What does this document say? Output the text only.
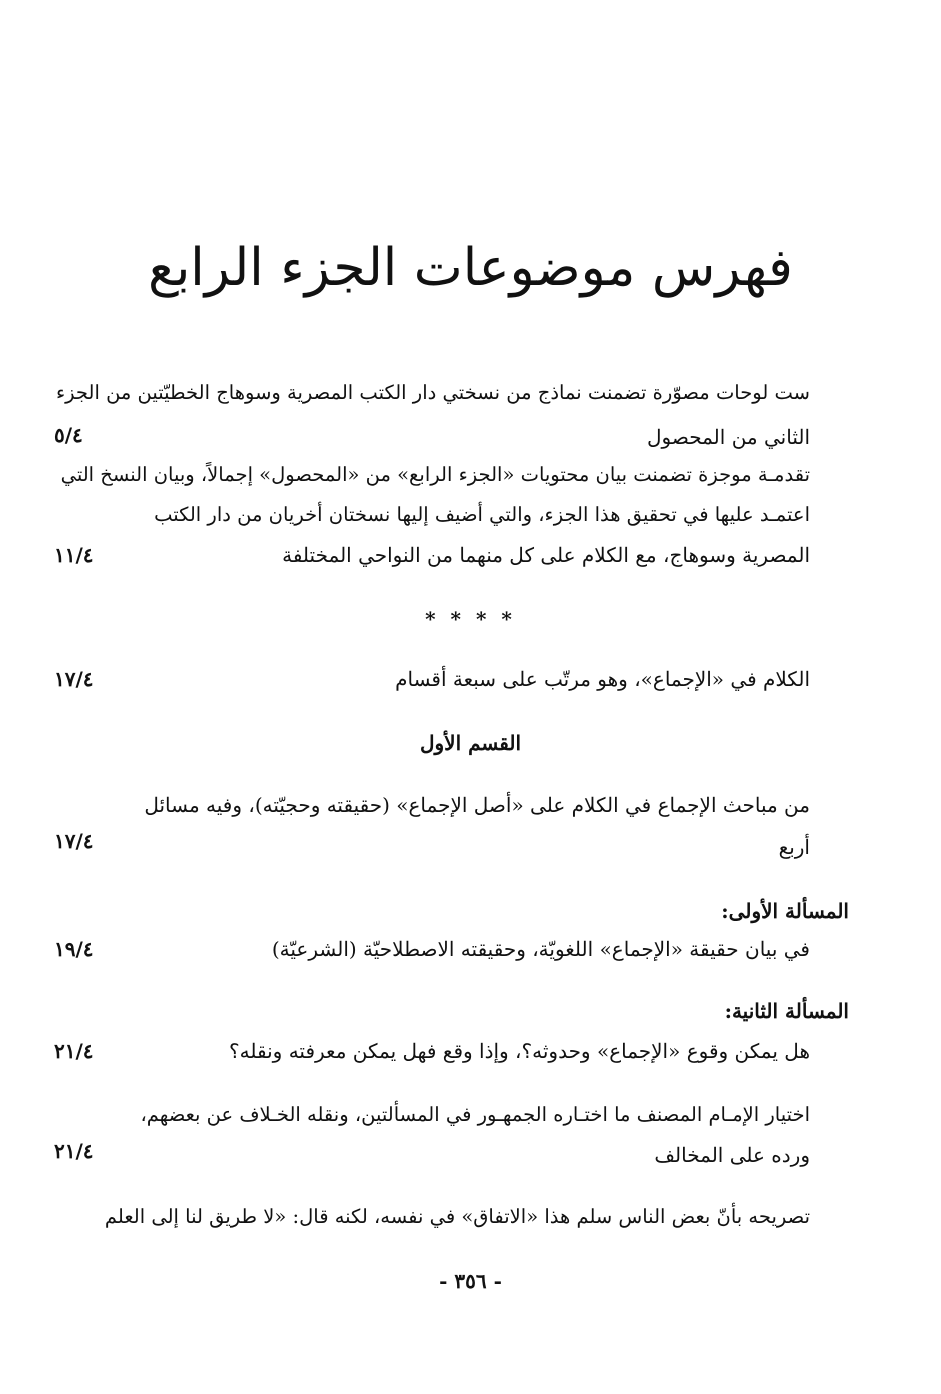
فهرس موضوعات الجزء الرابع
ست لوحات مصوّرة تضمنت نماذج من نسختي دار الكتب المصرية وسوهاج الخطيّتين من الجزء
الثاني من المحصول
٥/٤
تقدمـة موجزة تضمنت بيان محتويات «الجزء الرابع» من «المحصول» إجمالاً، وبيان النسخ التي
اعتمـد عليها في تحقيق هذا الجزء، والتي أضيف إليها نسختان أخريان من دار الكتب
المصرية وسوهاج، مع الكلام على كل منهما من النواحي المختلفة
١١/٤
* * * *
الكلام في «الإجماع»، وهو مرتّب على سبعة أقسام
١٧/٤
القسم الأول
من مباحث الإجماع في الكلام على «أصل الإجماع» (حقيقته وحجيّته)، وفيه مسائل
أربع
١٧/٤
المسألة الأولى:
في بيان حقيقة «الإجماع» اللغويّة، وحقيقته الاصطلاحيّة (الشرعيّة)
١٩/٤
المسألة الثانية:
هل يمكن وقوع «الإجماع» وحدوثه؟، وإذا وقع فهل يمكن معرفته ونقله؟
٢١/٤
اختيار الإمـام المصنف ما اختـاره الجمهـور في المسألتين، ونقله الخـلاف عن بعضهم،
ورده على المخالف
٢١/٤
تصريحه بأنّ بعض الناس سلم هذا «الاتفاق» في نفسه، لكنه قال: «لا طريق لنا إلى العلم
- ٣٥٦ -
